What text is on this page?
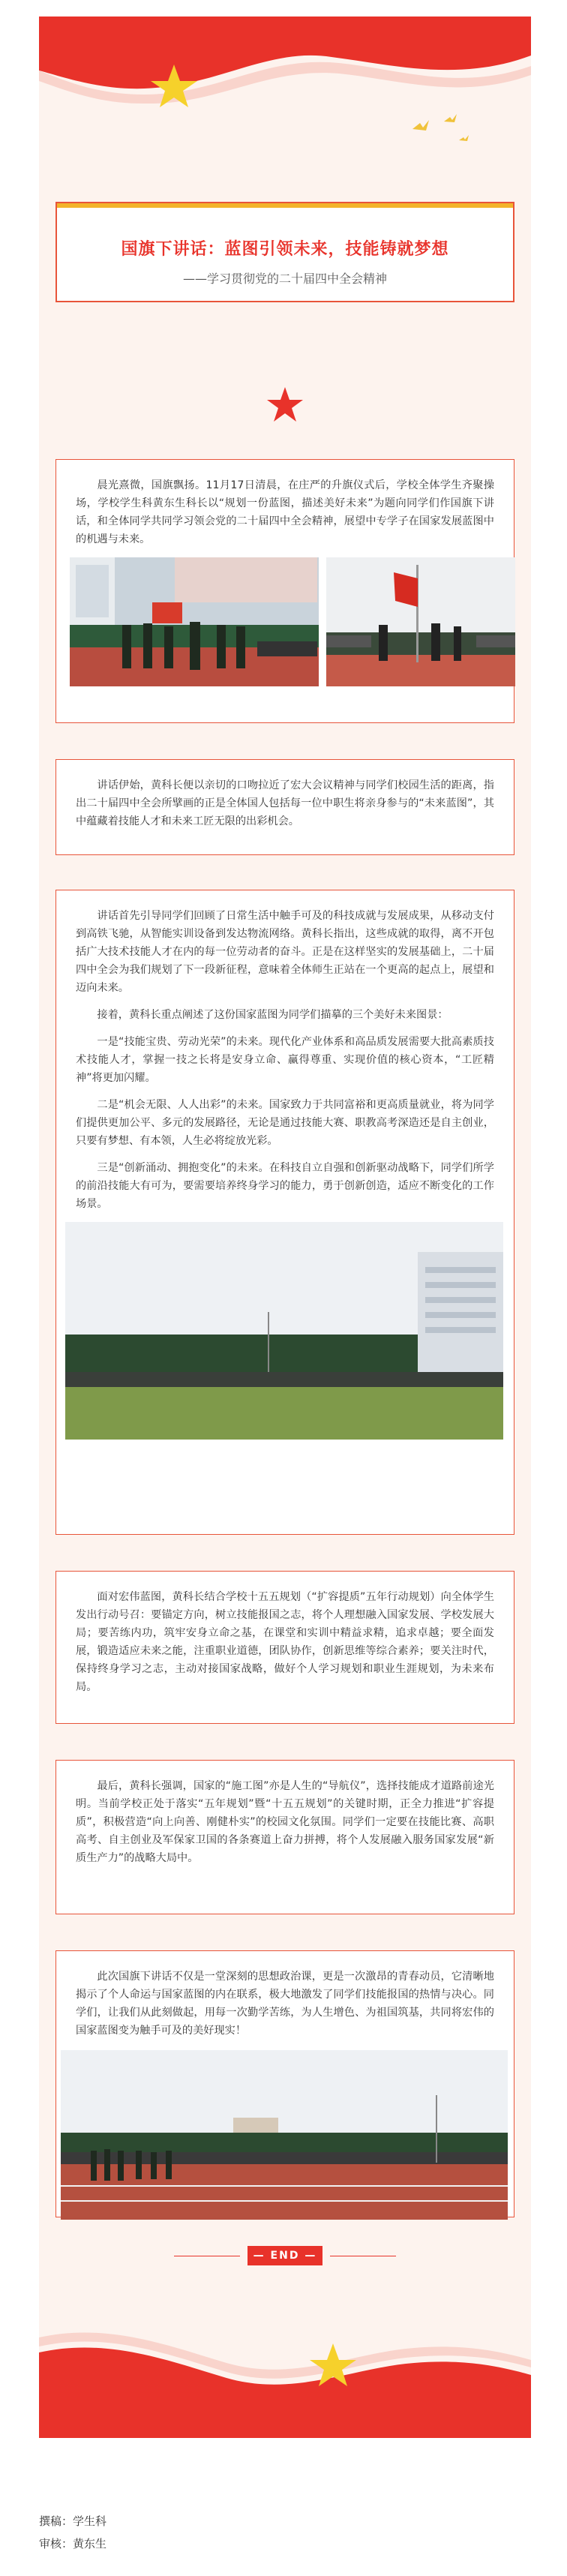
国旗下讲话：蓝图引领未来，技能铸就梦想
——学习贯彻党的二十届四中全会精神

晨光熹微，国旗飘扬。11月17日清晨，在庄严的升旗仪式后，学校全体学生齐聚操场，学校学生科黄东生科长以“规划一份蓝图，描述美好未来”为题向同学们作国旗下讲话，和全体同学共同学习领会党的二十届四中全会精神，展望中专学子在国家发展蓝图中的机遇与未来。

讲话伊始，黄科长便以亲切的口吻拉近了宏大会议精神与同学们校园生活的距离，指出二十届四中全会所擘画的正是全体国人包括每一位中职生将亲身参与的“未来蓝图”，其中蕴藏着技能人才和未来工匠无限的出彩机会。

讲话首先引导同学们回顾了日常生活中触手可及的科技成就与发展成果，从移动支付到高铁飞驰，从智能实训设备到发达物流网络。黄科长指出，这些成就的取得，离不开包括广大技术技能人才在内的每一位劳动者的奋斗。正是在这样坚实的发展基础上，二十届四中全会为我们规划了下一段新征程，意味着全体师生正站在一个更高的起点上，展望和迈向未来。

接着，黄科长重点阐述了这份国家蓝图为同学们描摹的三个美好未来图景：

一是“技能宝贵、劳动光荣”的未来。现代化产业体系和高品质发展需要大批高素质技术技能人才，掌握一技之长将是安身立命、赢得尊重、实现价值的核心资本，“工匠精神”将更加闪耀。

二是“机会无限、人人出彩”的未来。国家致力于共同富裕和更高质量就业，将为同学们提供更加公平、多元的发展路径，无论是通过技能大赛、职教高考深造还是自主创业，只要有梦想、有本领，人生必将绽放光彩。

三是“创新涌动、拥抱变化”的未来。在科技自立自强和创新驱动战略下，同学们所学的前沿技能大有可为，要需要培养终身学习的能力，勇于创新创造，适应不断变化的工作场景。

面对宏伟蓝图，黄科长结合学校十五五规划（“扩容提质”五年行动规划）向全体学生发出行动号召：要锚定方向，树立技能报国之志，将个人理想融入国家发展、学校发展大局；要苦练内功，筑牢安身立命之基，在课堂和实训中精益求精，追求卓越；要全面发展，锻造适应未来之能，注重职业道德，团队协作，创新思维等综合素养；要关注时代，保持终身学习之志，主动对接国家战略，做好个人学习规划和职业生涯规划，为未来布局。

最后，黄科长强调，国家的“施工图”亦是人生的“导航仪”，选择技能成才道路前途光明。当前学校正处于落实“五年规划”暨“十五五规划”的关键时期，正全力推进“扩容提质”，积极营造“向上向善、刚健朴实”的校园文化氛围。同学们一定要在技能比赛、高职高考、自主创业及军保家卫国的各条赛道上奋力拼搏，将个人发展融入服务国家发展“新质生产力”的战略大局中。

此次国旗下讲话不仅是一堂深刻的思想政治课，更是一次激昂的青春动员，它清晰地揭示了个人命运与国家蓝图的内在联系，极大地激发了同学们技能报国的热情与决心。同学们，让我们从此刻做起，用每一次勤学苦练，为人生增色、为祖国筑基，共同将宏伟的国家蓝图变为触手可及的美好现实！

— END —
撰稿：学生科
审核：黄东生
